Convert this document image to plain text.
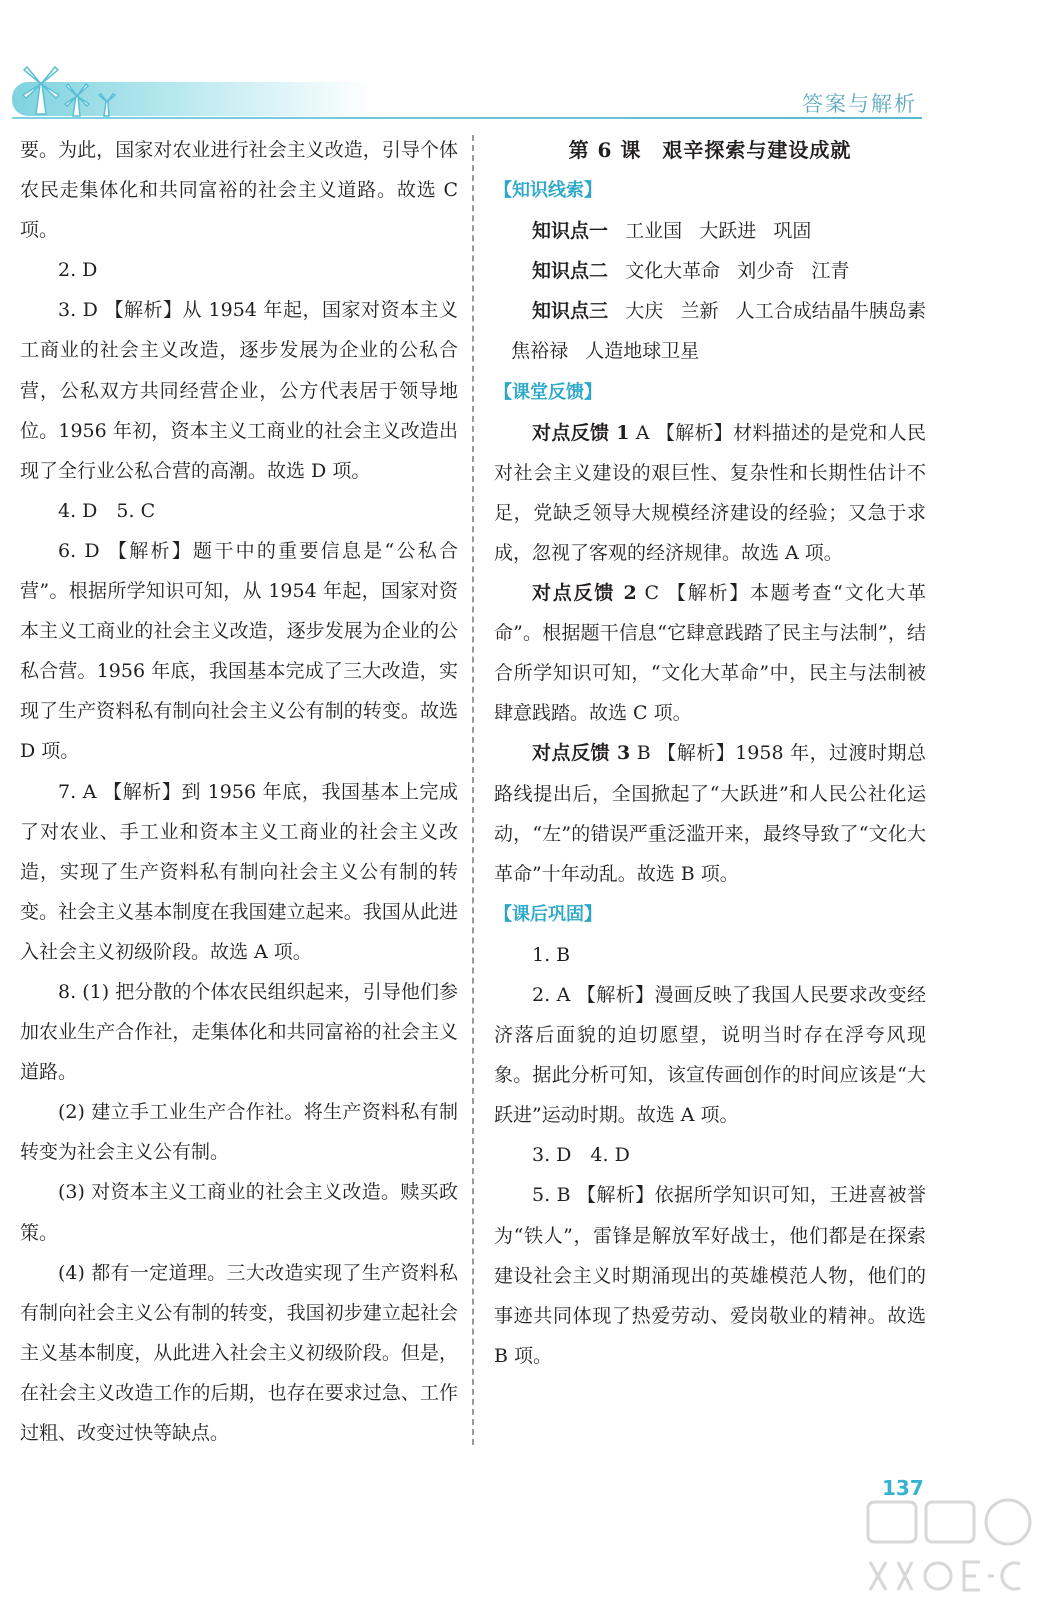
答案与解析

要。为此，国家对农业进行社会主义改造，引导个体农民走集体化和共同富裕的社会主义道路。故选 C 项。

2. D

3. D 【解析】从 1954 年起，国家对资本主义工商业的社会主义改造，逐步发展为企业的公私合营，公私双方共同经营企业，公方代表居于领导地位。1956 年初，资本主义工商业的社会主义改造出现了全行业公私合营的高潮。故选 D 项。

4. D　5. C

6. D 【解析】题干中的重要信息是“公私合营”。根据所学知识可知，从 1954 年起，国家对资本主义工商业的社会主义改造，逐步发展为企业的公私合营。1956 年底，我国基本完成了三大改造，实现了生产资料私有制向社会主义公有制的转变。故选 D 项。

7. A 【解析】到 1956 年底，我国基本上完成了对农业、手工业和资本主义工商业的社会主义改造，实现了生产资料私有制向社会主义公有制的转变。社会主义基本制度在我国建立起来。我国从此进入社会主义初级阶段。故选 A 项。

8. (1) 把分散的个体农民组织起来，引导他们参加农业生产合作社，走集体化和共同富裕的社会主义道路。

(2) 建立手工业生产合作社。将生产资料私有制转变为社会主义公有制。

(3) 对资本主义工商业的社会主义改造。赎买政策。

(4) 都有一定道理。三大改造实现了生产资料私有制向社会主义公有制的转变，我国初步建立起社会主义基本制度，从此进入社会主义初级阶段。但是，在社会主义改造工作的后期，也存在要求过急、工作过粗、改变过快等缺点。

第 6 课　艰辛探索与建设成就

【知识线索】

知识点一 工业国 大跃进 巩固

知识点二 文化大革命 刘少奇 江青

知识点三 大庆 兰新 人工合成结晶牛胰岛素焦裕禄 人造地球卫星

【课堂反馈】

对点反馈 1 A 【解析】材料描述的是党和人民对社会主义建设的艰巨性、复杂性和长期性估计不足，党缺乏领导大规模经济建设的经验；又急于求成，忽视了客观的经济规律。故选 A 项。

对点反馈 2 C 【解析】本题考查“文化大革命”。根据题干信息“它肆意践踏了民主与法制”，结合所学知识可知，“文化大革命”中，民主与法制被肆意践踏。故选 C 项。

对点反馈 3 B 【解析】1958 年，过渡时期总路线提出后，全国掀起了“大跃进”和人民公社化运动，“左”的错误严重泛滥开来，最终导致了“文化大革命”十年动乱。故选 B 项。

【课后巩固】

1. B

2. A 【解析】漫画反映了我国人民要求改变经济落后面貌的迫切愿望，说明当时存在浮夸风现象。据此分析可知，该宣传画创作的时间应该是“大跃进”运动时期。故选 A 项。

3. D　4. D

5. B 【解析】依据所学知识可知，王进喜被誉为“铁人”，雷锋是解放军好战士，他们都是在探索建设社会主义时期涌现出的英雄模范人物，他们的事迹共同体现了热爱劳动、爱岗敬业的精神。故选 B 项。

137
